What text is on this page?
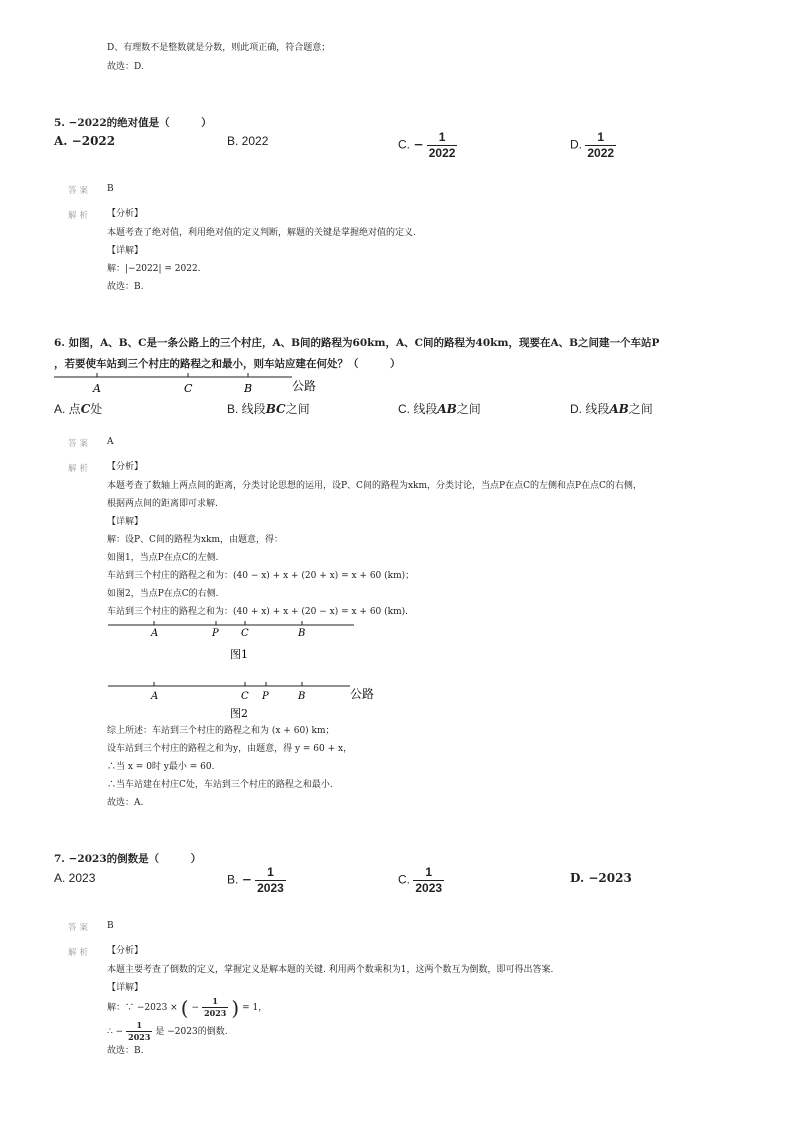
D、有理数不是整数就是分数，则此项正确，符合题意；
故选：D.
5. −2022的绝对值是（　　　）
A. −2022	B. 2022	C. − $\frac{1}{2022}$	D. $\frac{1}{2022}$
答案 B
解析 【分析】
本题考查了绝对值，利用绝对值的定义判断，解题的关键是掌握绝对值的定义.
【详解】
解：|−2022| = 2022.
故选：B.
6. 如图，A、B、C是一条公路上的三个村庄，A、B间的路程为60km，A、C间的路程为40km，现要在A、B之间建一个车站P
，若要使车站到三个村庄的路程之和最小，则车站应建在何处？（　　　）
A	C	B	公路
A. 点C处	B. 线段BC之间	C. 线段AB之间	D. 线段AB之间
答案 A
解析 【分析】
本题考查了数轴上两点间的距离，分类讨论思想的运用，设P、C间的路程为xkm，分类讨论，当点P在点C的左侧和点P在点C的右侧，
根据两点间的距离即可求解.
【详解】
解：设P、C间的路程为xkm，由题意，得：
如图1，当点P在点C的左侧.
车站到三个村庄的路程之和为：(40 − x) + x + (20 + x) = x + 60 (km)；
如图2，当点P在点C的右侧.
车站到三个村庄的路程之和为：(40 + x) + x + (20 − x) = x + 60 (km).
A	P C	B
图1
A	C P	B	公路
图2
综上所述：车站到三个村庄的路程之和为 (x + 60) km；
设车站到三个村庄的路程之和为y，由题意，得 y = 60 + x，
∴当 x = 0时 y最小 = 60.
∴当车站建在村庄C处，车站到三个村庄的路程之和最小.
故选：A.
7. −2023的倒数是（　　　）
A. 2023	B. − $\frac{1}{2023}$	C. $\frac{1}{2023}$	D. −2023
答案 B
解析 【分析】
本题主要考查了倒数的定义，掌握定义是解本题的关键. 利用两个数乘积为1，这两个数互为倒数，即可得出答案.
【详解】
解：∵ −2023 × ( − $\frac{1}{2023}$ ) = 1，
∴ − $\frac{1}{2023}$ 是 −2023的倒数.
故选：B.
